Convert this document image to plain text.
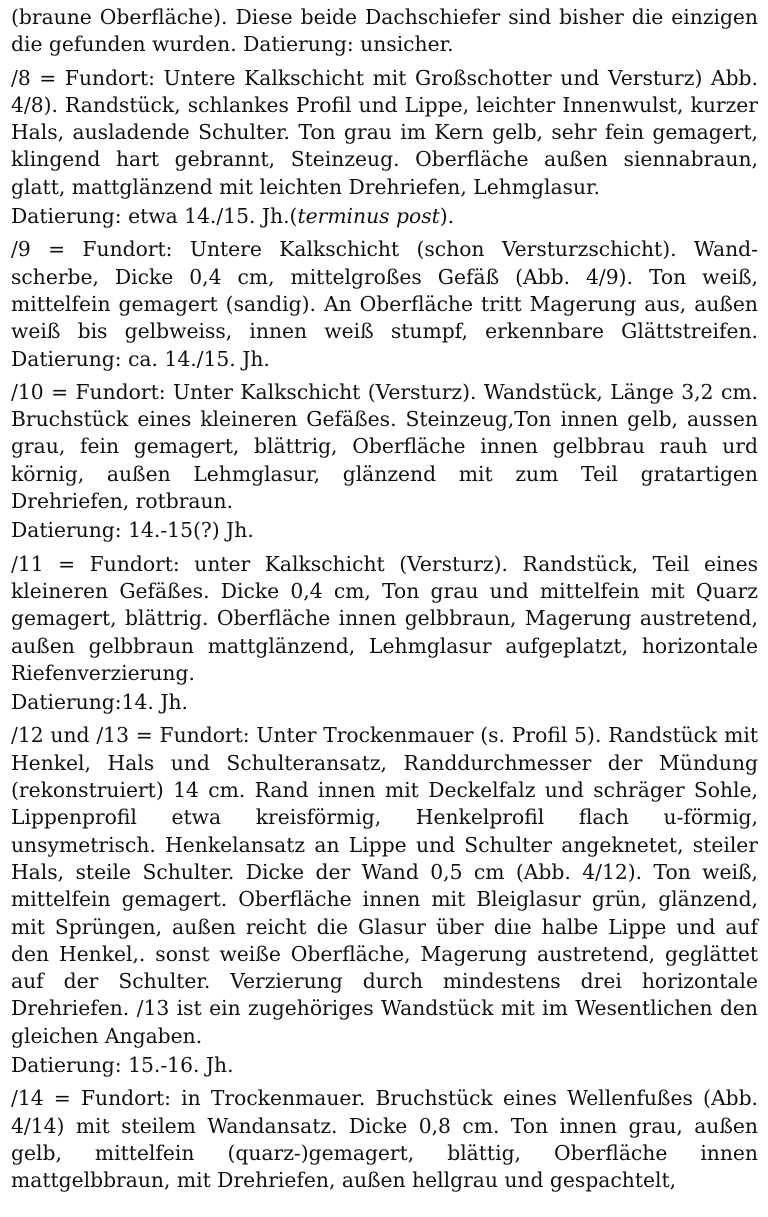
(braune Oberfläche). Diese beide Dachschiefer sind bisher die einzigen die gefunden wurden. Datierung: unsicher.

/8 = Fundort: Untere Kalkschicht mit Großschotter und Versturz) Abb. 4/8). Randstück, schlankes Profil und Lippe, leichter Innenwulst, kurzer Hals, ausladende Schulter. Ton grau im Kern gelb, sehr fein gemagert, klingend hart gebrannt, Steinzeug. Oberfläche außen siennabraun, glatt, mattglänzend mit leichten Drehriefen, Lehmglasur.

Datierung: etwa 14./15. Jh.(terminus post).

/9 = Fundort: Untere Kalkschicht (schon Versturzschicht). Wandscherbe, Dicke 0,4 cm, mittelgroßes Gefäß (Abb. 4/9). Ton weiß, mittelfein gemagert (sandig). An Oberfläche tritt Magerung aus, außen weiß bis gelbweiss, innen weiß stumpf, erkennbare Glättstreifen. Datierung: ca. 14./15. Jh.

/10 = Fundort: Unter Kalkschicht (Versturz). Wandstück, Länge 3,2 cm. Bruchstück eines kleineren Gefäßes. Steinzeug,Ton innen gelb, aussen grau, fein gemagert, blättrig, Oberfläche innen gelbbrau rauh urd körnig, außen Lehmglasur, glänzend mit zum Teil gratartigen Drehriefen, rotbraun.

Datierung: 14.-15(?) Jh.

/11 = Fundort: unter Kalkschicht (Versturz). Randstück, Teil eines kleineren Gefäßes. Dicke 0,4 cm, Ton grau und mittelfein mit Quarz gemagert, blättrig. Oberfläche innen gelbbraun, Magerung austretend, außen gelbbraun mattglänzend, Lehmglasur aufgeplatzt, horizontale Riefenverzierung.

Datierung:14. Jh.

/12 und /13 = Fundort: Unter Trockenmauer (s. Profil 5). Randstück mit Henkel, Hals und Schulteransatz, Randdurchmesser der Mündung (rekonstruiert) 14 cm. Rand innen mit Deckelfalz und schräger Sohle, Lippenprofil etwa kreisförmig, Henkelprofil flach u-förmig, unsymetrisch. Henkelansatz an Lippe und Schulter angeknetet, steiler Hals, steile Schulter. Dicke der Wand 0,5 cm (Abb. 4/12). Ton weiß, mittelfein gemagert. Oberfläche innen mit Bleiglasur grün, glänzend, mit Sprüngen, außen reicht die Glasur über diıe halbe Lippe und auf den Henkel,. sonst weiße Oberfläche, Magerung austretend, geglättet auf der Schulter. Verzierung durch mindestens drei horizontale Drehriefen. /13 ist ein zugehöriges Wandstück mit im Wesentlichen den gleichen Angaben.

Datierung: 15.-16. Jh.

/14 = Fundort: in Trockenmauer. Bruchstück eines Wellenfußes (Abb. 4/14) mit steilem Wandansatz. Dicke 0,8 cm. Ton innen grau, außen gelb, mittelfein (quarz-)gemagert, blättig, Oberfläche innen mattgelbbraun, mit Drehriefen, außen hellgrau und gespachtelt,
